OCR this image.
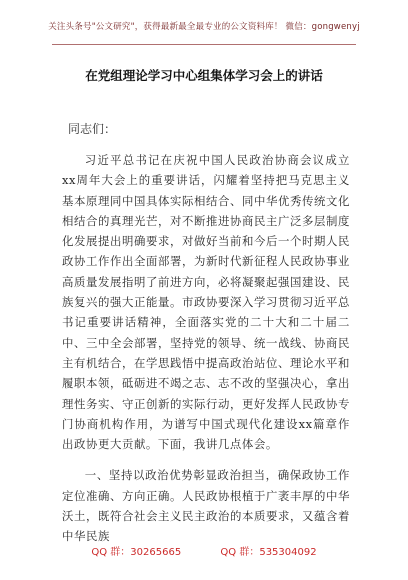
关注头条号"公文研究"，获得最新最全最专业的公文资料库！ 微信：gongwenyj
在党组理论学习中心组集体学习会上的讲话
同志们：

习近平总书记在庆祝中国人民政治协商会议成立xx周年大会上的重要讲话，闪耀着坚持把马克思主义基本原理同中国具体实际相结合、同中华优秀传统文化相结合的真理光芒，对不断推进协商民主广泛多层制度化发展提出明确要求，对做好当前和今后一个时期人民政协工作作出全面部署，为新时代新征程人民政协事业高质量发展指明了前进方向，必将凝聚起强国建设、民族复兴的强大正能量。市政协要深入学习贯彻习近平总书记重要讲话精神，全面落实党的二十大和二十届二中、三中全会部署，坚持党的领导、统一战线、协商民主有机结合，在学思践悟中提高政治站位、理论水平和履职本领，砥砺进不竭之志、志不改的坚强决心，拿出理性务实、守正创新的实际行动，更好发挥人民政协专门协商机构作用，为谱写中国式现代化建设xx篇章作出政协更大贡献。下面，我讲几点体会。

一、坚持以政治优势彰显政治担当，确保政协工作定位准确、方向正确。人民政协根植于广袤丰厚的中华沃土，既符合社会主义民主政治的本质要求，又蕴含着中华民族

QQ 群：30265665	QQ 群：535304092
